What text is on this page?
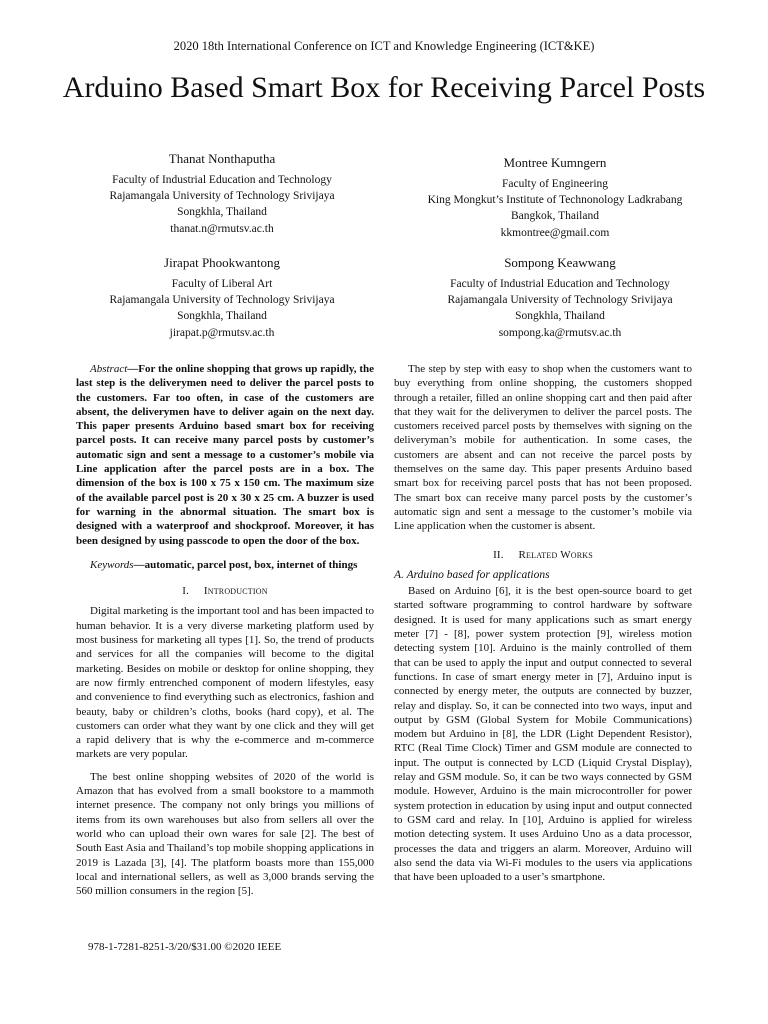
2020 18th International Conference on ICT and Knowledge Engineering (ICT&KE)
Arduino Based Smart Box for Receiving Parcel Posts
Thanat Nonthaputha
Faculty of Industrial Education and Technology
Rajamangala University of Technology Srivijaya
Songkhla, Thailand
thanat.n@rmutsv.ac.th
Montree Kumngern
Faculty of Engineering
King Mongkut’s Institute of Technonology Ladkrabang
Bangkok, Thailand
kkmontree@gmail.com
Jirapat Phookwantong
Faculty of Liberal Art
Rajamangala University of Technology Srivijaya
Songkhla, Thailand
jirapat.p@rmutsv.ac.th
Sompong Keawwang
Faculty of Industrial Education and Technology
Rajamangala University of Technology Srivijaya
Songkhla, Thailand
sompong.ka@rmutsv.ac.th

Abstract—For the online shopping that grows up rapidly, the last step is the deliverymen need to deliver the parcel posts to the customers. Far too often, in case of the customers are absent, the deliverymen have to deliver again on the next day. This paper presents Arduino based smart box for receiving parcel posts. It can receive many parcel posts by customer’s automatic sign and sent a message to a customer’s mobile via Line application after the parcel posts are in a box. The dimension of the box is 100 x 75 x 150 cm. The maximum size of the available parcel post is 20 x 30 x 25 cm. A buzzer is used for warning in the abnormal situation. The smart box is designed with a waterproof and shockproof. Moreover, it has been designed by using passcode to open the door of the box.

Keywords—automatic, parcel post, box, internet of things

I. Introduction

Digital marketing is the important tool and has been impacted to human behavior. It is a very diverse marketing platform used by most business for marketing all types [1]. So, the trend of products and services for all the companies will become to the digital marketing. Besides on mobile or desktop for online shopping, they are now firmly entrenched component of modern lifestyles, easy and convenience to find everything such as electronics, fashion and beauty, baby or children’s cloths, books (hard copy), et al. The customers can order what they want by one click and they will get a rapid delivery that is why the e-commerce and m-commerce markets are very popular.

The best online shopping websites of 2020 of the world is Amazon that has evolved from a small bookstore to a mammoth internet presence. The company not only brings you millions of items from its own warehouses but also from sellers all over the world who can upload their own wares for sale [2]. The best of South East Asia and Thailand’s top mobile shopping applications in 2019 is Lazada [3], [4]. The platform boasts more than 155,000 local and international sellers, as well as 3,000 brands serving the 560 million consumers in the region [5].

The step by step with easy to shop when the customers want to buy everything from online shopping, the customers shopped through a retailer, filled an online shopping cart and then paid after that they wait for the deliverymen to deliver the parcel posts. The customers received parcel posts by themselves with signing on the deliveryman’s mobile for authentication. In some cases, the customers are absent and can not receive the parcel posts by themselves on the same day. This paper presents Arduino based smart box for receiving parcel posts that has not been proposed. The smart box can receive many parcel posts by the customer’s automatic sign and sent a message to the customer’s mobile via Line application when the customer is absent.

II. Related Works
A. Arduino based for applications

Based on Arduino [6], it is the best open-source board to get started software programming to control hardware by software designed. It is used for many applications such as smart energy meter [7] - [8], power system protection [9], wireless motion detecting system [10]. Arduino is the mainly controlled of them that can be used to apply the input and output connected to several functions. In case of smart energy meter in [7], Arduino input is connected by energy meter, the outputs are connected by buzzer, relay and display. So, it can be connected into two ways, input and output by GSM (Global System for Mobile Communications) modem but Arduino in [8], the LDR (Light Dependent Resistor), RTC (Real Time Clock) Timer and GSM module are connected to input. The output is connected by LCD (Liquid Crystal Display), relay and GSM module. So, it can be two ways connected by GSM module. However, Arduino is the main microcontroller for power system protection in education by using input and output connected to GSM card and relay. In [10], Arduino is applied for wireless motion detecting system. It uses Arduino Uno as a data processor, processes the data and triggers an alarm. Moreover, Arduino will also send the data via Wi-Fi modules to the users via applications that have been uploaded to a user’s smartphone.

978-1-7281-8251-3/20/$31.00 ©2020 IEEE
